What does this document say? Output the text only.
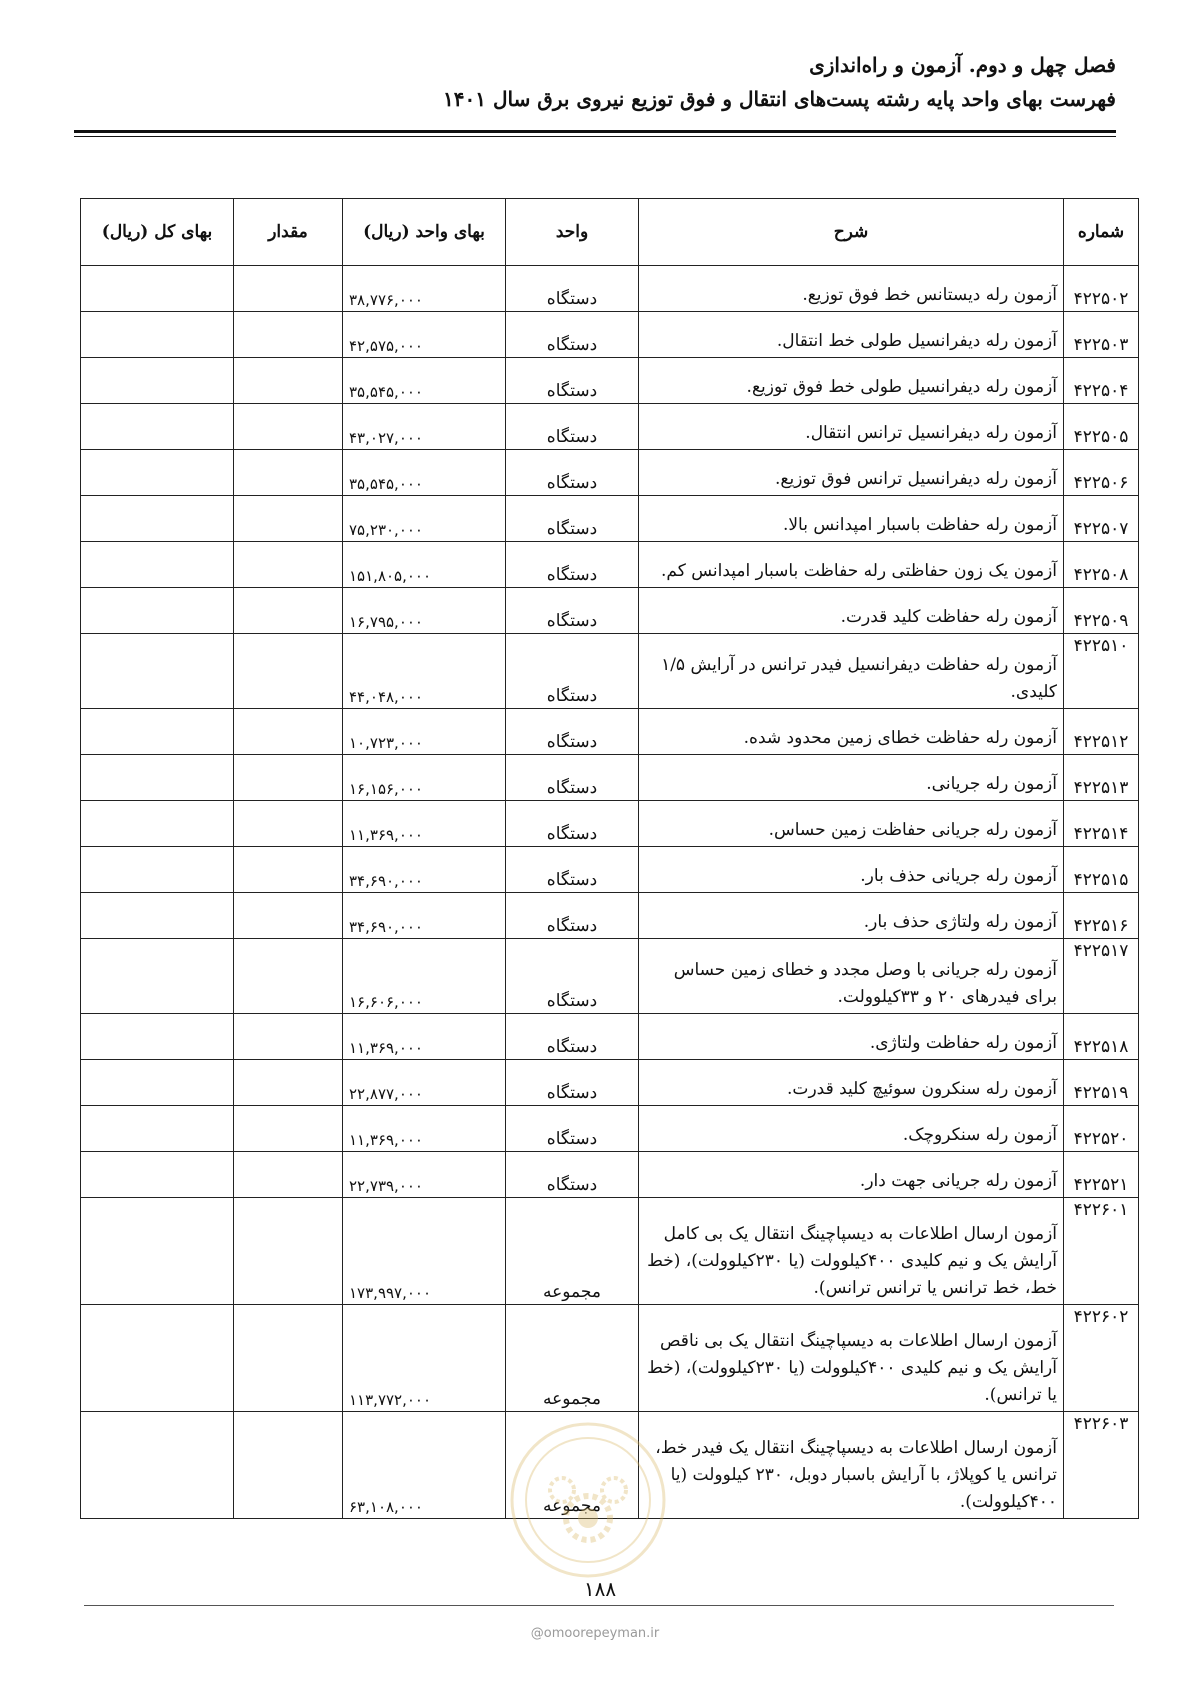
فصل چهل و دوم. آزمون و راه‌اندازی
فهرست بهای واحد پایه رشته پست‌های انتقال و فوق توزیع نیروی برق سال ۱۴۰۱
شماره	شرح	واحد	بهای واحد (ریال)	مقدار	بهای کل (ریال)
۴۲۲۵۰۲	آزمون رله دیستانس خط فوق توزیع.	دستگاه	۳۸,۷۷۶,۰۰۰		
۴۲۲۵۰۳	آزمون رله دیفرانسیل طولی خط انتقال.	دستگاه	۴۲,۵۷۵,۰۰۰		
۴۲۲۵۰۴	آزمون رله دیفرانسیل طولی خط فوق توزیع.	دستگاه	۳۵,۵۴۵,۰۰۰		
۴۲۲۵۰۵	آزمون رله دیفرانسیل ترانس انتقال.	دستگاه	۴۳,۰۲۷,۰۰۰		
۴۲۲۵۰۶	آزمون رله دیفرانسیل ترانس فوق توزیع.	دستگاه	۳۵,۵۴۵,۰۰۰		
۴۲۲۵۰۷	آزمون رله حفاظت باسبار امپدانس بالا.	دستگاه	۷۵,۲۳۰,۰۰۰		
۴۲۲۵۰۸	آزمون یک زون حفاظتی رله حفاظت باسبار امپدانس کم.	دستگاه	۱۵۱,۸۰۵,۰۰۰		
۴۲۲۵۰۹	آزمون رله حفاظت کلید قدرت.	دستگاه	۱۶,۷۹۵,۰۰۰		
۴۲۲۵۱۰	آزمون رله حفاظت دیفرانسیل فیدر ترانس در آرایش ۱/۵ کلیدی.	دستگاه	۴۴,۰۴۸,۰۰۰		
۴۲۲۵۱۲	آزمون رله حفاظت خطای زمین محدود شده.	دستگاه	۱۰,۷۲۳,۰۰۰		
۴۲۲۵۱۳	آزمون رله جریانی.	دستگاه	۱۶,۱۵۶,۰۰۰		
۴۲۲۵۱۴	آزمون رله جریانی حفاظت زمین حساس.	دستگاه	۱۱,۳۶۹,۰۰۰		
۴۲۲۵۱۵	آزمون رله جریانی حذف بار.	دستگاه	۳۴,۶۹۰,۰۰۰		
۴۲۲۵۱۶	آزمون رله ولتاژی حذف بار.	دستگاه	۳۴,۶۹۰,۰۰۰		
۴۲۲۵۱۷	آزمون رله جریانی با وصل مجدد و خطای زمین حساس برای فیدرهای ۲۰ و ۳۳کیلوولت.	دستگاه	۱۶,۶۰۶,۰۰۰		
۴۲۲۵۱۸	آزمون رله حفاظت ولتاژی.	دستگاه	۱۱,۳۶۹,۰۰۰		
۴۲۲۵۱۹	آزمون رله سنکرون سوئیچ کلید قدرت.	دستگاه	۲۲,۸۷۷,۰۰۰		
۴۲۲۵۲۰	آزمون رله سنکروچک.	دستگاه	۱۱,۳۶۹,۰۰۰		
۴۲۲۵۲۱	آزمون رله جریانی جهت دار.	دستگاه	۲۲,۷۳۹,۰۰۰		
۴۲۲۶۰۱	آزمون ارسال اطلاعات به دیسپاچینگ انتقال یک بی کامل آرایش یک و نیم کلیدی ۴۰۰کیلوولت (یا ۲۳۰کیلوولت)، (خط خط، خط ترانس یا ترانس ترانس).	مجموعه	۱۷۳,۹۹۷,۰۰۰		
۴۲۲۶۰۲	آزمون ارسال اطلاعات به دیسپاچینگ انتقال یک بی ناقص آرایش یک و نیم کلیدی ۴۰۰کیلوولت (یا ۲۳۰کیلوولت)، (خط یا ترانس).	مجموعه	۱۱۳,۷۷۲,۰۰۰		
۴۲۲۶۰۳	آزمون ارسال اطلاعات به دیسپاچینگ انتقال یک فیدر خط، ترانس یا کوپلاژ، با آرایش باسبار دوبل، ۲۳۰ کیلوولت (یا ۴۰۰کیلوولت).	مجموعه	۶۳,۱۰۸,۰۰۰		
۱۸۸
@omoorepeyman.ir
